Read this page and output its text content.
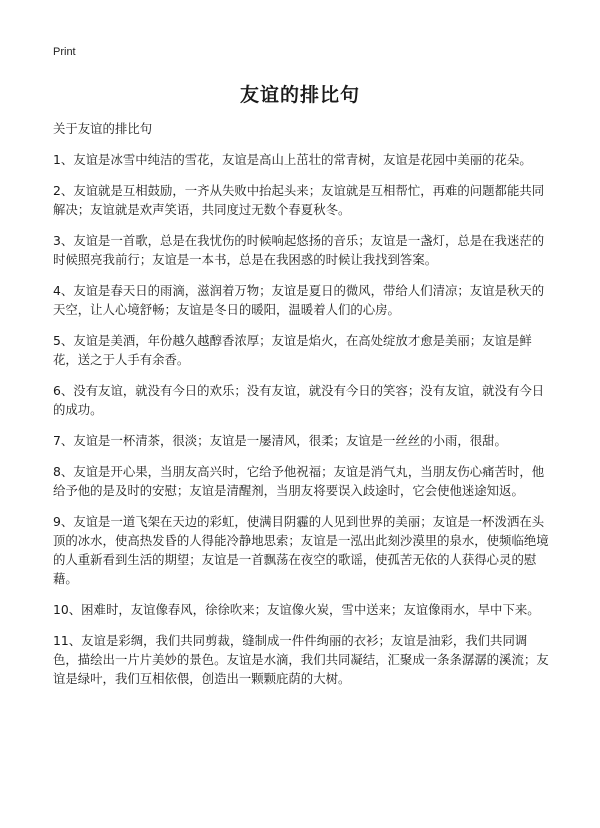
Print
友谊的排比句

关于友谊的排比句

1、友谊是冰雪中纯洁的雪花，友谊是高山上茁壮的常青树，友谊是花园中美丽的花朵。

2、友谊就是互相鼓励，一齐从失败中抬起头来；友谊就是互相帮忙，再难的问题都能共同解决；友谊就是欢声笑语，共同度过无数个春夏秋冬。

3、友谊是一首歌，总是在我忧伤的时候响起悠扬的音乐；友谊是一盏灯，总是在我迷茫的时候照亮我前行；友谊是一本书，总是在我困惑的时候让我找到答案。

4、友谊是春天日的雨滴，滋润着万物；友谊是夏日的微风，带给人们清凉；友谊是秋天的天空，让人心境舒畅；友谊是冬日的暖阳，温暖着人们的心房。

5、友谊是美酒，年份越久越醇香浓厚；友谊是焰火，在高处绽放才愈是美丽；友谊是鲜花，送之于人手有余香。

6、没有友谊，就没有今日的欢乐；没有友谊，就没有今日的笑容；没有友谊，就没有今日的成功。

7、友谊是一杯清茶，很淡；友谊是一屡清风，很柔；友谊是一丝丝的小雨，很甜。

8、友谊是开心果，当朋友高兴时，它给予他祝福；友谊是消气丸，当朋友伤心痛苦时，他给予他的是及时的安慰；友谊是清醒剂，当朋友将要误入歧途时，它会使他迷途知返。

9、友谊是一道飞架在天边的彩虹，使满目阴霾的人见到世界的美丽；友谊是一杯泼洒在头顶的冰水，使高热发昏的人得能冷静地思索；友谊是一泓出此刻沙漠里的泉水，使频临绝境的人重新看到生活的期望；友谊是一首飘荡在夜空的歌谣，使孤苦无依的人获得心灵的慰藉。

10、困难时，友谊像春风，徐徐吹来；友谊像火炭，雪中送来；友谊像雨水，旱中下来。

11、友谊是彩绸，我们共同剪裁，缝制成一件件绚丽的衣衫；友谊是油彩，我们共同调色，描绘出一片片美妙的景色。友谊是水滴，我们共同凝结，汇聚成一条条潺潺的溪流；友谊是绿叶，我们互相依偎，创造出一颗颗庇荫的大树。
